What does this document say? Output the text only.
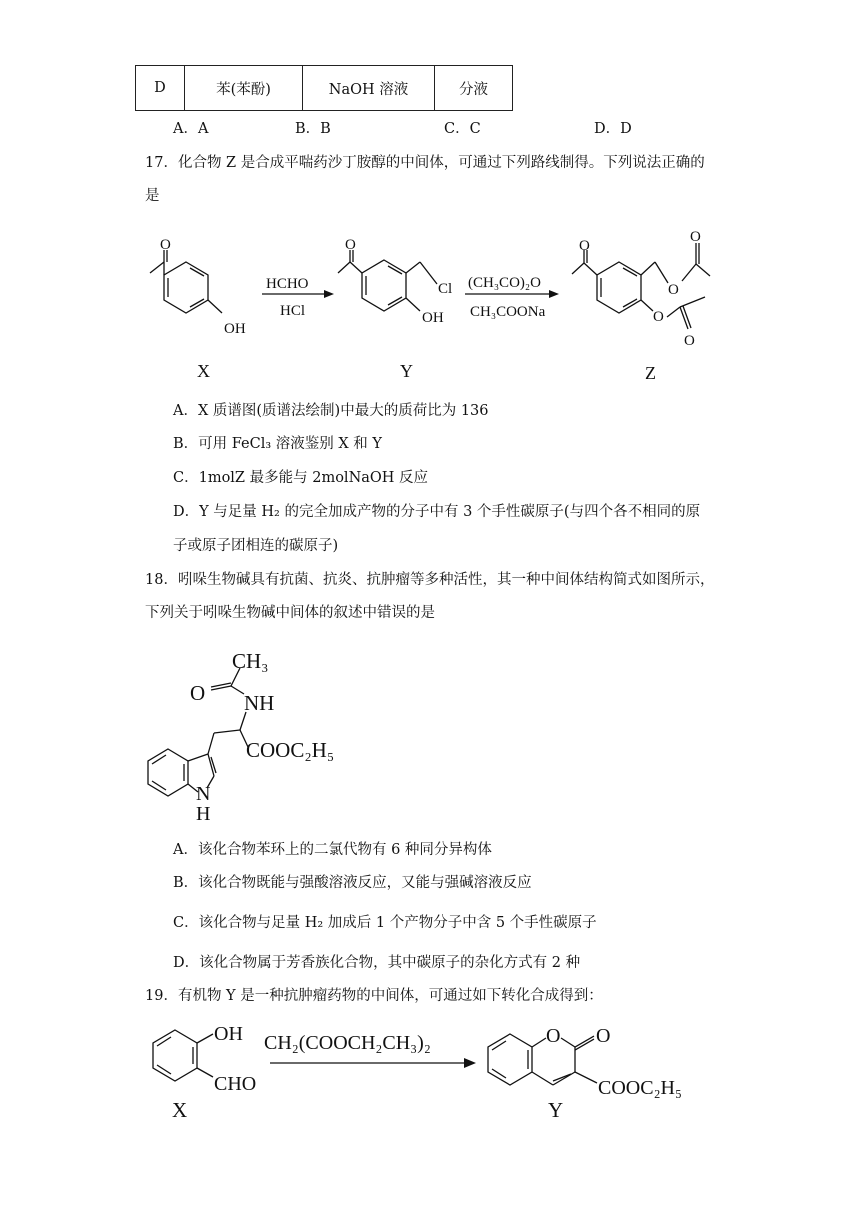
D	苯(苯酚)	NaOH 溶液	分液
A．A	B．B	C．C	D．D
17．化合物 Z 是合成平喘药沙丁胺醇的中间体，可通过下列路线制得。下列说法正确的
是
O
OH
X
HCHO
HCl
O
Cl
OH
Y
(CH₃CO)₂O
CH₃COONa
O
O
O
O
O
Z
A．X 质谱图(质谱法绘制)中最大的质荷比为 136
B．可用 FeCl₃ 溶液鉴别 X 和 Y
C．1molZ 最多能与 2molNaOH 反应
D．Y 与足量 H₂ 的完全加成产物的分子中有 3 个手性碳原子(与四个各不相同的原
子或原子团相连的碳原子)
18．吲哚生物碱具有抗菌、抗炎、抗肿瘤等多种活性，其一种中间体结构简式如图所示，
下列关于吲哚生物碱中间体的叙述中错误的是
CH₃
O NH
COOC₂H₅
N
H
A．该化合物苯环上的二氯代物有 6 种同分异构体
B．该化合物既能与强酸溶液反应，又能与强碱溶液反应
C．该化合物与足量 H₂ 加成后 1 个产物分子中含 5 个手性碳原子
D．该化合物属于芳香族化合物，其中碳原子的杂化方式有 2 种
19．有机物 Y 是一种抗肿瘤药物的中间体，可通过如下转化合成得到：
OH
CHO
X
CH₂(COOCH₂CH₃)₂	O O
COOC₂H₅
Y
